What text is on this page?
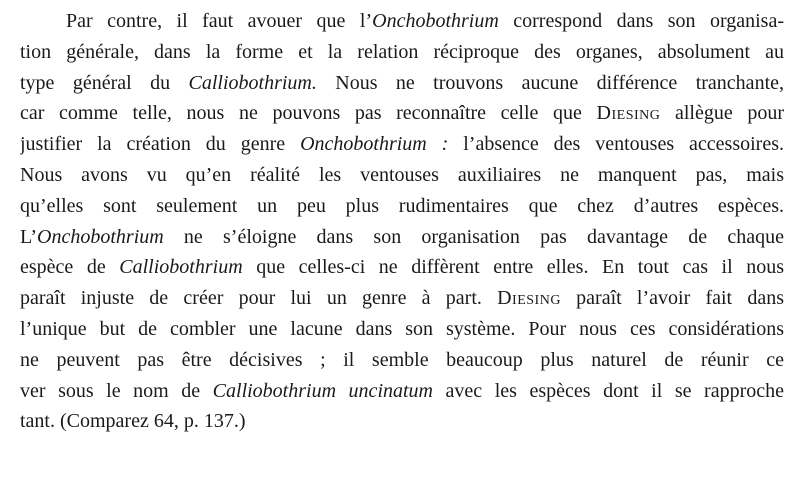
Par contre, il faut avouer que l’Onchobothrium correspond dans son organisa-
tion générale, dans la forme et la relation réciproque des organes, absolument au
type général du Calliobothrium. Nous ne trouvons aucune différence tranchante,
car comme telle, nous ne pouvons pas reconnaître celle que Diesing allègue pour
justifier la création du genre Onchobothrium : l’absence des ventouses accessoires.
Nous avons vu qu’en réalité les ventouses auxiliaires ne manquent pas, mais
qu’elles sont seulement un peu plus rudimentaires que chez d’autres espèces.
L’Onchobothrium ne s’éloigne dans son organisation pas davantage de chaque
espèce de Calliobothrium que celles-ci ne diffèrent entre elles. En tout cas il nous
paraît injuste de créer pour lui un genre à part. Diesing paraît l’avoir fait dans
l’unique but de combler une lacune dans son système. Pour nous ces considérations
ne peuvent pas être décisives ; il semble beaucoup plus naturel de réunir ce
ver sous le nom de Calliobothrium uncinatum avec les espèces dont il se rapproche
tant. (Comparez 64, p. 137.)
